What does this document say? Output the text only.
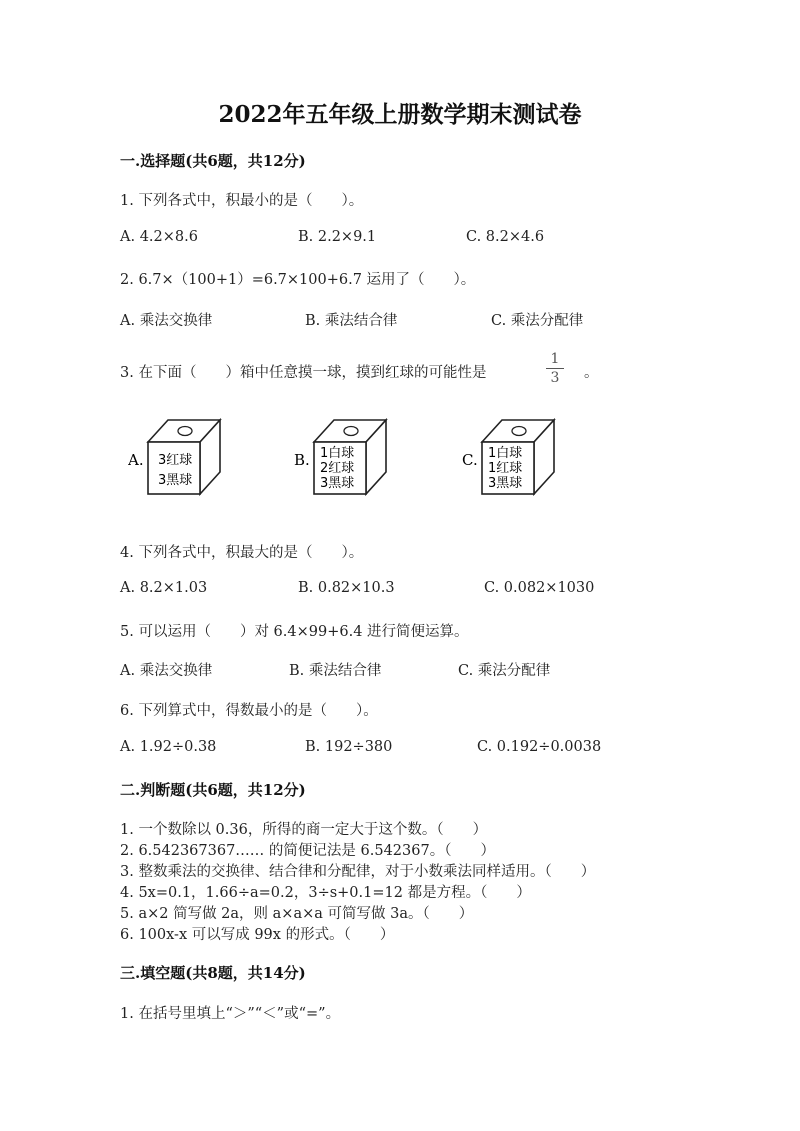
2022年五年级上册数学期末测试卷
一.选择题(共6题，共12分)
1. 下列各式中，积最小的是（　　）。
A. 4.2×8.6	B. 2.2×9.1	C. 8.2×4.6
2. 6.7×（100+1）=6.7×100+6.7 运用了（　　）。
A. 乘法交换律	B. 乘法结合律	C. 乘法分配律
3. 在下面（　　）箱中任意摸一球，摸到红球的可能性是
1
3	。
A. 3红球
3黑球
B. 1白球
2红球
3黑球
C. 1白球
1红球
3黑球
4. 下列各式中，积最大的是（　　）。
A. 8.2×1.03	B. 0.82×10.3	C. 0.082×1030
5. 可以运用（　　）对 6.4×99+6.4 进行简便运算。
A. 乘法交换律	B. 乘法结合律	C. 乘法分配律
6. 下列算式中，得数最小的是（　　）。
A. 1.92÷0.38	B. 192÷380	C. 0.192÷0.0038
二.判断题(共6题，共12分)
1. 一个数除以 0.36，所得的商一定大于这个数。（　　）
2. 6.542367367…… 的简便记法是 6.542367。（　　）
3. 整数乘法的交换律、结合律和分配律，对于小数乘法同样适用。（　　）
4. 5x=0.1，1.66÷a=0.2，3÷s+0.1=12 都是方程。（　　）
5. a×2 简写做 2a，则 a×a×a 可简写做 3a。（　　）
6. 100x-x 可以写成 99x 的形式。（　　）
三.填空题(共8题，共14分)
1. 在括号里填上“＞”“＜”或“=”。
